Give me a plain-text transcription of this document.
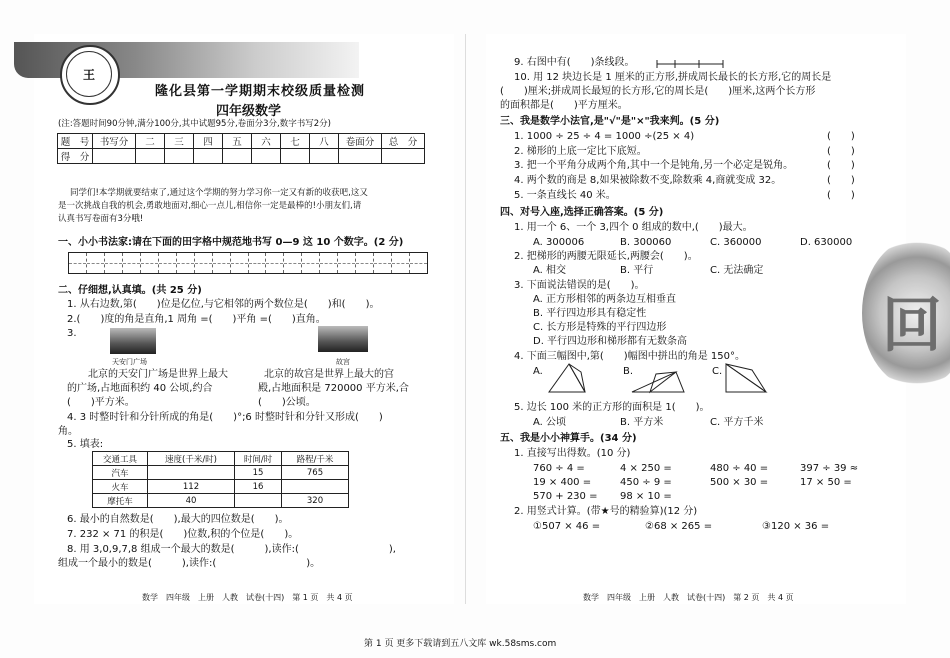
王
隆化县第一学期期末校级质量检测
四年级数学
(注:答题时间90分钟,满分100分,其中试题95分,卷面分3分,数字书写2分)
题　号	书写分	二	三	四	五	六	七	八	卷面分	总　分
得　分										
同学们!本学期就要结束了,通过这个学期的努力学习你一定又有新的收获吧,这又
是一次挑战自我的机会,勇敢地面对,细心一点儿,相信你一定是最棒的!小朋友们,请
认真书写卷面有3分哦!
一、小小书法家:请在下面的田字格中规范地书写 0—9 这 10 个数字。(2 分)
二、仔细想,认真填。(共 25 分)
1. 从右边数,第(　　)位是亿位,与它相邻的两个数位是(　　)和(　　)。
2.(　　)度的角是直角,1 周角 =(　　)平角 =(　　)直角。
3.
天安门广场	故宫
北京的天安门广场是世界上最大
的广场,占地面积约 40 公顷,约合
(　　)平方米。
北京的故宫是世界上最大的宫
殿,占地面积是 720000 平方米,合
(　　)公顷。
4. 3 时整时针和分针所成的角是(　　)°;6 时整时针和分针又形成(　　)
角。
5. 填表:
交通工具	速度(千米/时)	时间/时	路程/千米
汽车		15	765
火车	112	16	
摩托车	40		320
6. 最小的自然数是(　　),最大的四位数是(　　)。
7. 232 × 71 的积是(　　)位数,积的个位是(　　)。
8. 用 3,0,9,7,8 组成一个最大的数是(　　　),读作:(　　　　　　　　　),
组成一个最小的数是(　　　),读作:(　　　　　　　　　)。
数学　四年级　上册　人教　试卷(十四)　第 1 页　共 4 页
9. 右图中有(　　)条线段。
10. 用 12 块边长是 1 厘米的正方形,拼成周长最长的长方形,它的周长是
(　　)厘米;拼成周长最短的长方形,它的周长是(　　)厘米,这两个长方形
的面积都是(　　)平方厘米。
三、我是数学小法官,是"√"是"×"我来判。(5 分)
1. 1000 ÷ 25 ÷ 4 = 1000 ÷(25 × 4)	(　　)
2. 梯形的上底一定比下底短。	(　　)
3. 把一个平角分成两个角,其中一个是钝角,另一个必定是锐角。	(　　)
4. 两个数的商是 8,如果被除数不变,除数乘 4,商就变成 32。	(　　)
5. 一条直线长 40 米。	(　　)
四、对号入座,选择正确答案。(5 分)
1. 用一个 6、一个 3,四个 0 组成的数中,(　　)最大。
A. 300006	B. 300060	C. 360000	D. 630000
2. 把梯形的两腰无限延长,两腰会(　　)。
A. 相交	B. 平行	C. 无法确定
3. 下面说法错误的是(　　)。
A. 正方形相邻的两条边互相垂直
B. 平行四边形具有稳定性
C. 长方形是特殊的平行四边形
D. 平行四边形和梯形都有无数条高
4. 下面三幅图中,第(　　)幅图中拼出的角是 150°。
A.	B.	C.
5. 边长 100 米的正方形的面积是 1(　　)。
A. 公顷	B. 平方米	C. 平方千米
五、我是小小神算手。(34 分)
1. 直接写出得数。(10 分)
760 ÷ 4 =	4 × 250 =	480 ÷ 40 =	397 ÷ 39 ≈
19 × 400 =	450 ÷ 9 =	500 × 30 =	17 × 50 =
570 + 230 = 98 × 10 =
2. 用竖式计算。(带★号的精验算)(12 分)
①507 × 46 =	②68 × 265 =	③120 × 36 =
数学　四年级　上册　人教　试卷(十四)　第 2 页　共 4 页
回
第 1 页 更多下载请到五八文库 wk.58sms.com
